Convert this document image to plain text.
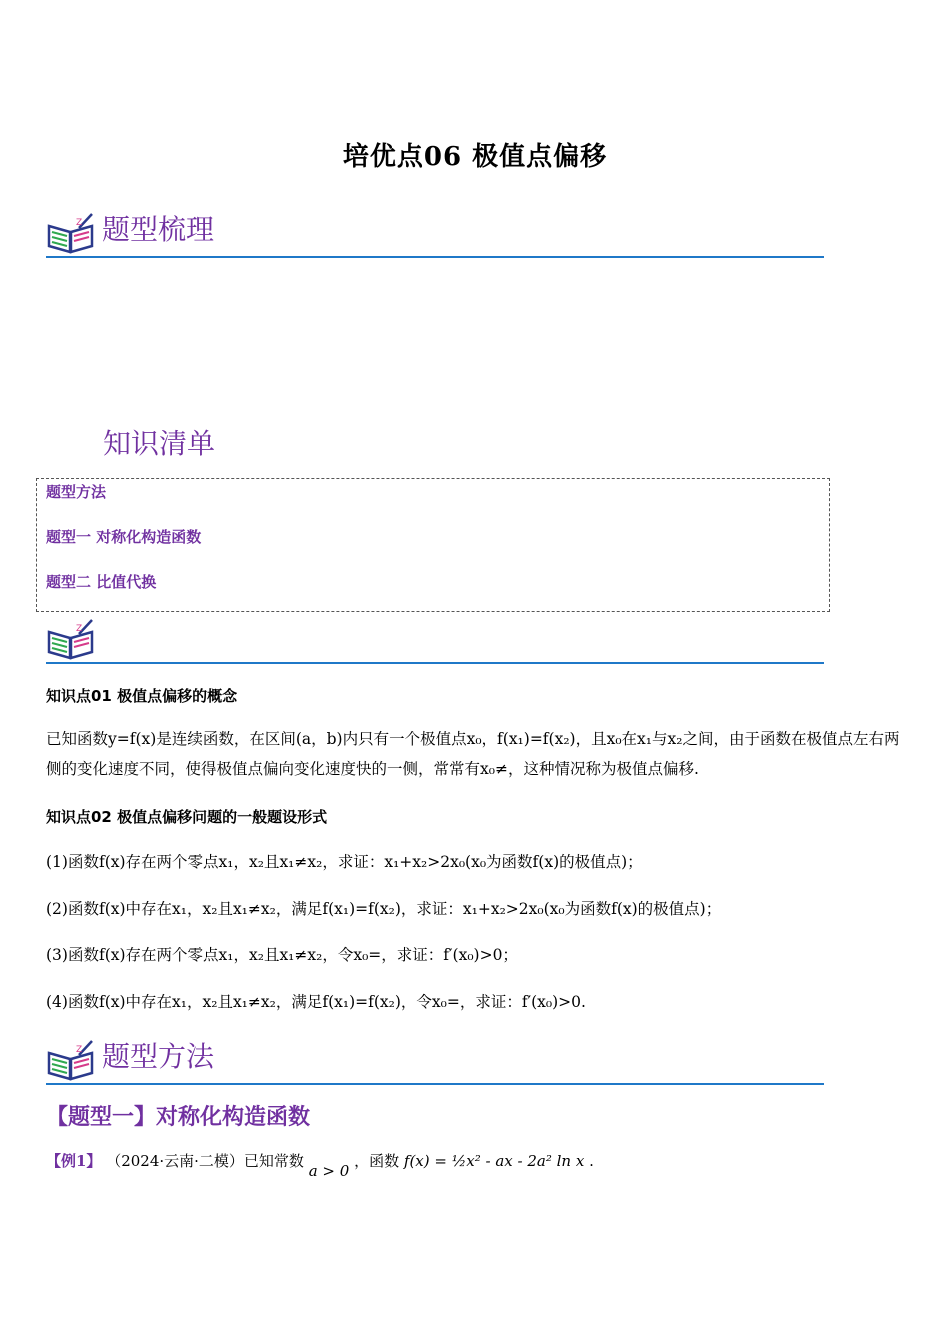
培优点06 极值点偏移
Z 题型梳理
知识清单
题型方法
题型一 对称化构造函数
题型二 比值代换
Z
知识点01 极值点偏移的概念
已知函数y=f(x)是连续函数，在区间(a，b)内只有一个极值点x₀，f(x₁)=f(x₂)，且x₀在x₁与x₂之间，由于函数在极值点左右两侧的变化速度不同，使得极值点偏向变化速度快的一侧，常常有x₀≠，这种情况称为极值点偏移.
知识点02 极值点偏移问题的一般题设形式
(1)函数f(x)存在两个零点x₁，x₂且x₁≠x₂，求证：x₁+x₂>2x₀(x₀为函数f(x)的极值点)；
(2)函数f(x)中存在x₁，x₂且x₁≠x₂，满足f(x₁)=f(x₂)，求证：x₁+x₂>2x₀(x₀为函数f(x)的极值点)；
(3)函数f(x)存在两个零点x₁，x₂且x₁≠x₂，令x₀=，求证：f′(x₀)>0；
(4)函数f(x)中存在x₁，x₂且x₁≠x₂，满足f(x₁)=f(x₂)，令x₀=，求证：f′(x₀)>0.
Z 题型方法
【题型一】对称化构造函数
【例1】 （2024·云南·二模）已知常数 a > 0 ，函数 f(x) = ½x² - ax - 2a² ln x .
